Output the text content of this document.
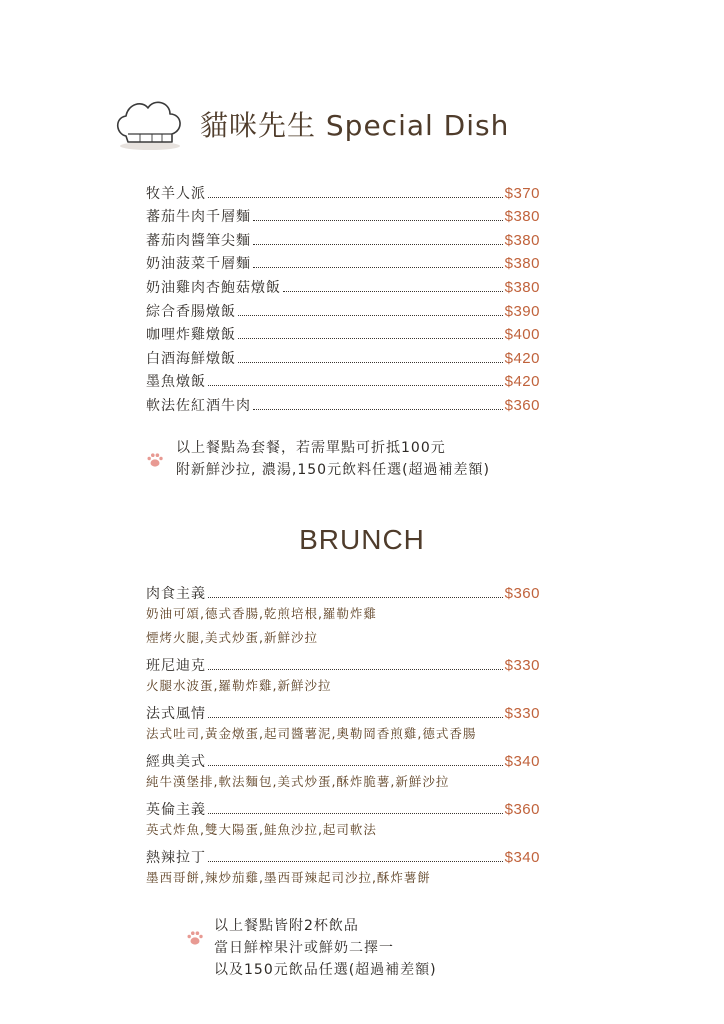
貓咪先生 Special Dish
牧羊人派	$370
蕃茄牛肉千層麵	$380
蕃茄肉醬筆尖麵	$380
奶油菠菜千層麵	$380
奶油雞肉杏鮑菇燉飯	$380
綜合香腸燉飯	$390
咖哩炸雞燉飯	$400
白酒海鮮燉飯	$420
墨魚燉飯	$420
軟法佐紅酒牛肉	$360
以上餐點為套餐，若需單點可折抵100元
附新鮮沙拉, 濃湯,150元飲料任選(超過補差額)
BRUNCH
肉食主義	$360
奶油可頌,德式香腸,乾煎培根,羅勒炸雞
煙烤火腿,美式炒蛋,新鮮沙拉
班尼迪克	$330
火腿水波蛋,羅勒炸雞,新鮮沙拉
法式風情	$330
法式吐司,黃金燉蛋,起司醬薯泥,奧勒岡香煎雞,德式香腸
經典美式	$340
純牛漢堡排,軟法麵包,美式炒蛋,酥炸脆薯,新鮮沙拉
英倫主義	$360
英式炸魚,雙大陽蛋,鮭魚沙拉,起司軟法
熱辣拉丁	$340
墨西哥餅,辣炒茄雞,墨西哥辣起司沙拉,酥炸薯餅
以上餐點皆附2杯飲品
當日鮮榨果汁或鮮奶二擇一
以及150元飲品任選(超過補差額)
